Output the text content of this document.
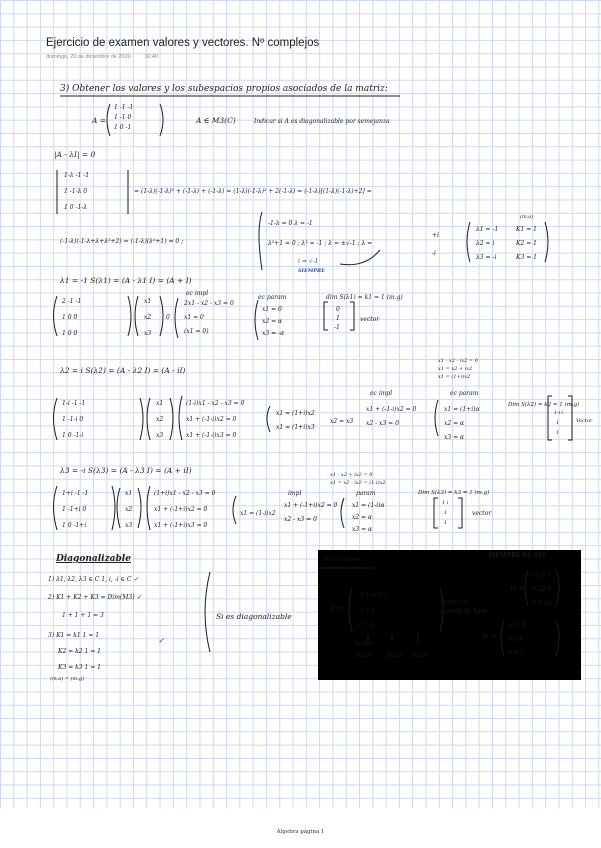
Ejercicio de examen valores y vectores. Nº complejos
domingo, 20 de diciembre de 2020 16:40
3) Obtener los valores y los subespacios propios asociados de la matriz:
A =
1 -1 -1
1 -1 0
1 0 -1
A ∈ M3(C)	Indicar si A es diagonalizable por semejanza
|A - λI| = 0
1-λ -1 -1
1 -1-λ 0
1 0 -1-λ
= (1-λ)(-1-λ)² + (-1-λ) + (-1-λ) = (1-λ)(-1-λ)² + 2(-1-λ) = (-1-λ)[(1-λ)(-1-λ)+2] =
(-1-λ)(-1-λ+λ+λ²+2) = (-1-λ)(λ²+1) = 0 ;
-1-λ = 0 λ = -1
λ²+1 = 0 ; λ² = -1 ; λ = ±√-1 ; λ =
+i
-i
i = √-1
SIEMPRE
λ1 = -1
λ2 = i
λ3 = -i
(m.a)
K1 = 1
K2 = 1
K3 = 1
λ1 = -1 S(λ1) = (A - λ1 I) = (A + I)
2 -1 -1
1 0 0
1 0 0
x1
x2
x3
0
ec impl
2x1 - x2 - x3 = 0
x1 = 0
(x1 = 0)
ec param
x1 = 0
x2 = α
x3 = -α
dim S(λ1) = k1 = 1 (m.g)
0
1
-1
vector
λ2 = i S(λ2) = (A - λ2 I) = (A - iI)
x1 - x2 - ix2 = 0
x1 = x2 + ix2
x1 = (1+i)x2
1-i -1 -1
1 -1-i 0
1 0 -1-i
x1
x2
x3
(1-i)x1 - x2 - x3 = 0
x1 + (-1-i)x2 = 0
x1 + (-1-i)x3 = 0
x1 = (1+i)x2
x1 = (1+i)x3
x2 = x3
ec impl
x1 + (-1-i)x2 = 0
x2 - x3 = 0
ec param
x1 = (1+i)α
x2 = α
x3 = α
Dim S(λ2) = k2 = 1 (m.g)
1+i
1
1
Vector
λ3 = -i S(λ3) = (A - λ3 I) = (A + iI)	x1 - x2 + ix2 = 0
x1 = x2 - ix2 = (1-i)x2
1+i -1 -1
1 -1+i 0
1 0 -1+i
x1
x2
x3
(1+i)x1 - x2 - x3 = 0
x1 + (-1+i)x2 = 0
x1 + (-1+i)x3 = 0
x1 = (1-i)x2
impl
x1 + (-1+i)x2 = 0
x2 - x3 = 0
param
x1 = (1-i)α
x2 = α
x3 = α
Dim S(λ3) = k3 = 1 (m.g)
1-i
1
1
vector
Diagonalizable
1) λ1, λ2, λ3 ∈ C 1, i, -i ∈ C ✓
2) K1 + K2 + K3 = Dim(M3) ✓
1 + 1 + 1 = 3
3) K1 = k1 1 = 1
K2 = k2 1 = 1
K3 = k3 1 = 1
(m.a) = (m.g)
✓
Si es diagonalizable
No lo piden
P =
0 1+i 1-i
1 1 1
-1 1 1
matriz de cambio de base
vector
S(λ1) S(λ2) S(λ3)
SIEMPRE ES ASÍ
D =
λ1 0 0
0 λ2 0
0 0 λ3
D =
-1 0 0
0 i 0
0 0 -i
Álgebra página 1
